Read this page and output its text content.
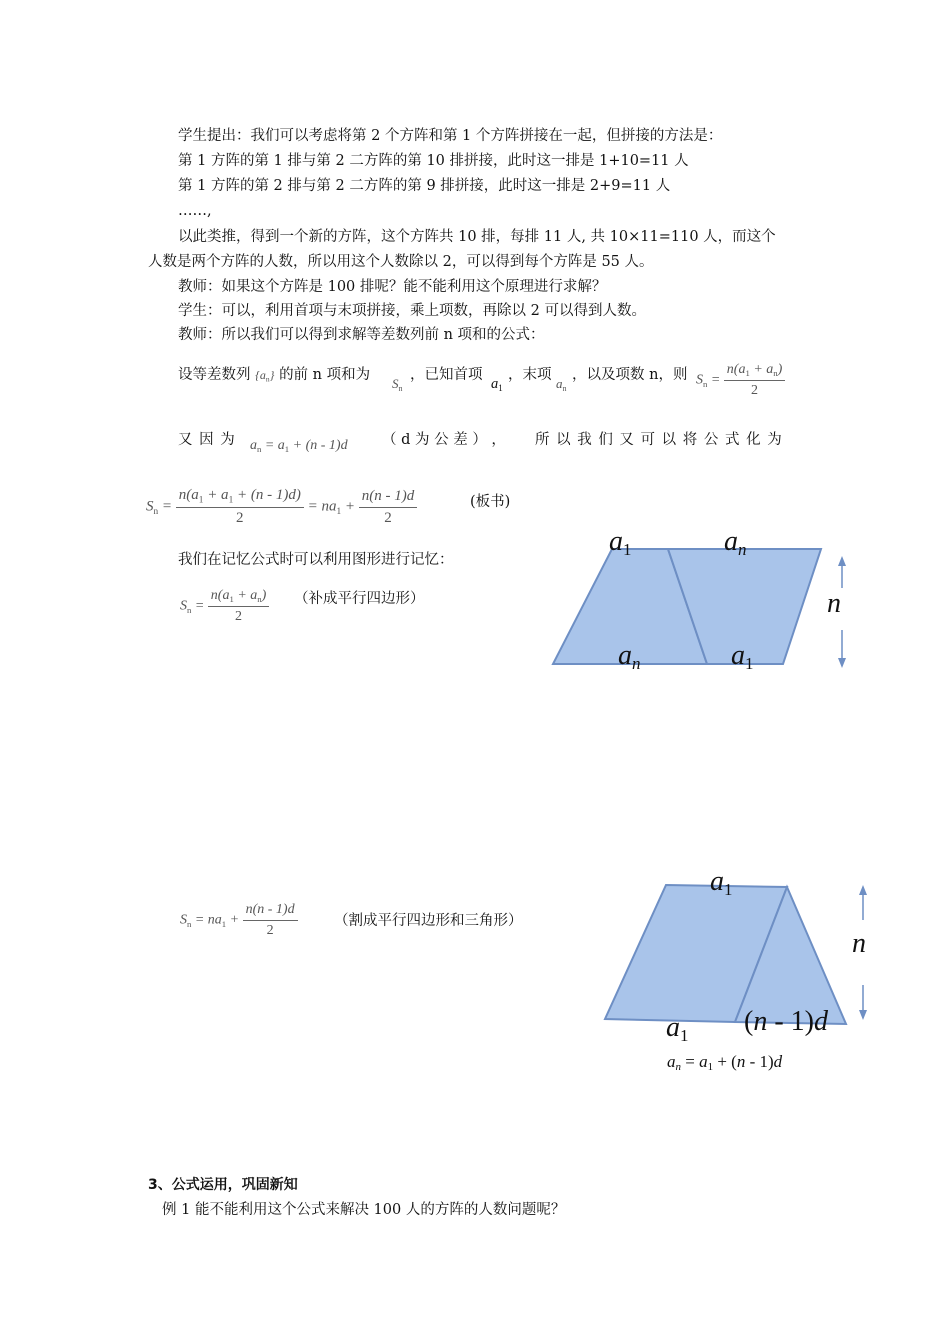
学生提出：我们可以考虑将第 2 个方阵和第 1 个方阵拼接在一起，但拼接的方法是：
第 1 方阵的第 1 排与第 2 二方阵的第 10 排拼接，此时这一排是 1+10=11 人
第 1 方阵的第 2 排与第 2 二方阵的第 9 排拼接，此时这一排是 2+9=11 人
……,
以此类推，得到一个新的方阵，这个方阵共 10 排，每排 11 人, 共 10×11=110 人，而这个
人数是两个方阵的人数，所以用这个人数除以 2，可以得到每个方阵是 55 人。
教师：如果这个方阵是 100 排呢？能不能利用这个原理进行求解？
学生：可以，利用首项与末项拼接，乘上项数，再除以 2 可以得到人数。
教师：所以我们可以得到求解等差数列前 n 项和的公式：
设等差数列 $\{a_n\}$ 的前 n 项和为
$S_n$
，已知首项
$a_1$
，末项
$a_n$
，以及项数 n，则 $S_n = \frac{n(a_1 + a_n)}{2}$
又 因 为 $a_n = a_1 + (n - 1)d$ （ d 为 公 差 ） ， 所 以 我 们 又 可 以 将 公 式 化 为
$S_n = \frac{n(a_1 + a_1 + (n - 1)d)}{2} = na_1 + \frac{n(n - 1)d}{2}$	(板书)
我们在记忆公式时可以利用图形进行记忆：
$S_n = \frac{n(a_1 + a_n)}{2}$ （补成平行四边形）
a1	an
n
an	a1
$S_n = na_1 + \frac{n(n - 1)d}{2}$	（割成平行四边形和三角形）
a1
n
a1 (n - 1)d
an = a1 + (n - 1)d
3、公式运用，巩固新知
例 1 能不能利用这个公式来解决 100 人的方阵的人数问题呢？
